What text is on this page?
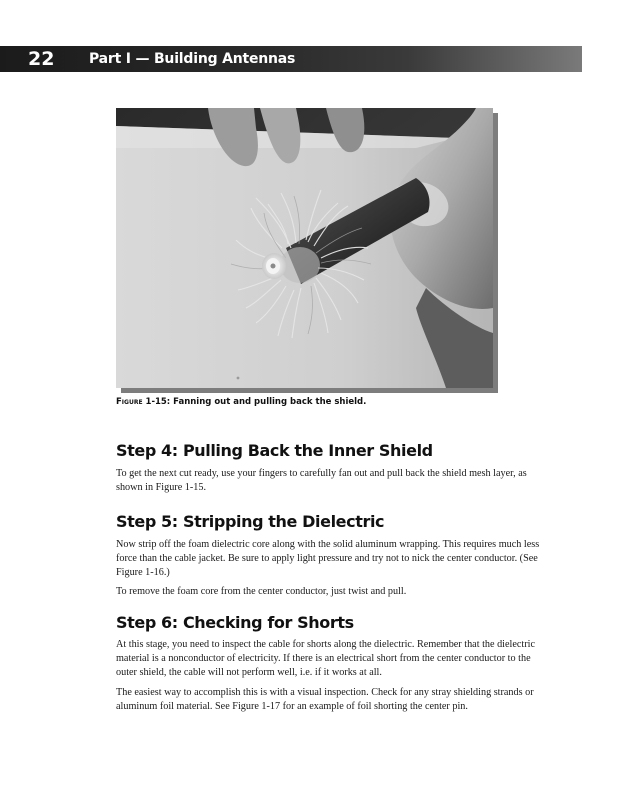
22 Part I — Building Antennas
Figure 1-15: Fanning out and pulling back the shield.
Step 4: Pulling Back the Inner Shield

To get the next cut ready, use your fingers to carefully fan out and pull back the shield mesh layer, as shown in Figure 1-15.

Step 5: Stripping the Dielectric

Now strip off the foam dielectric core along with the solid aluminum wrapping. This requires much less force than the cable jacket. Be sure to apply light pressure and try not to nick the center conductor. (See Figure 1-16.)

To remove the foam core from the center conductor, just twist and pull.

Step 6: Checking for Shorts

At this stage, you need to inspect the cable for shorts along the dielectric. Remember that the dielectric material is a nonconductor of electricity. If there is an electrical short from the center conductor to the outer shield, the cable will not perform well, i.e. if it works at all.

The easiest way to accomplish this is with a visual inspection. Check for any stray shielding strands or aluminum foil material. See Figure 1-17 for an example of foil shorting the center pin.
